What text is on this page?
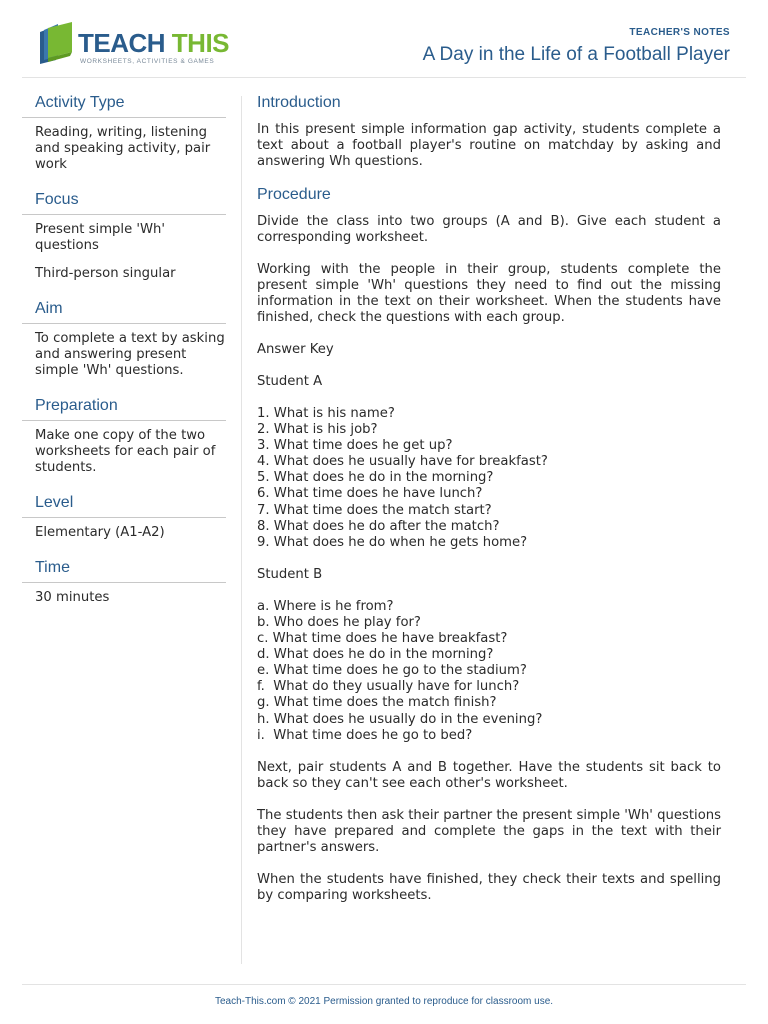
TEACH THIS
WORKSHEETS, ACTIVITIES & GAMES
TEACHER'S NOTES
A Day in the Life of a Football Player
Activity Type

Reading, writing, listening and speaking activity, pair work

Focus

Present simple 'Wh' questions

Third-person singular

Aim

To complete a text by asking and answering present simple 'Wh' questions.

Preparation

Make one copy of the two worksheets for each pair of students.

Level

Elementary (A1-A2)

Time

30 minutes

Introduction

In this present simple information gap activity, students complete a text about a football player's routine on matchday by asking and answering Wh questions.

Procedure

Divide the class into two groups (A and B). Give each student a corresponding worksheet.

Working with the people in their group, students complete the present simple 'Wh' questions they need to find out the missing information in the text on their worksheet. When the students have finished, check the questions with each group.

Answer Key

Student A

1. What is his name?
2. What is his job?
3. What time does he get up?
4. What does he usually have for breakfast?
5. What does he do in the morning?
6. What time does he have lunch?
7. What time does the match start?
8. What does he do after the match?
9. What does he do when he gets home?

Student B

a. Where is he from?
b. Who does he play for?
c. What time does he have breakfast?
d. What does he do in the morning?
e. What time does he go to the stadium?
f.  What do they usually have for lunch?
g. What time does the match finish?
h. What does he usually do in the evening?
i.  What time does he go to bed?

Next, pair students A and B together. Have the students sit back to back so they can't see each other's worksheet.

The students then ask their partner the present simple 'Wh' questions they have prepared and complete the gaps in the text with their partner's answers.

When the students have finished, they check their texts and spelling by comparing worksheets.

Teach-This.com © 2021 Permission granted to reproduce for classroom use.
